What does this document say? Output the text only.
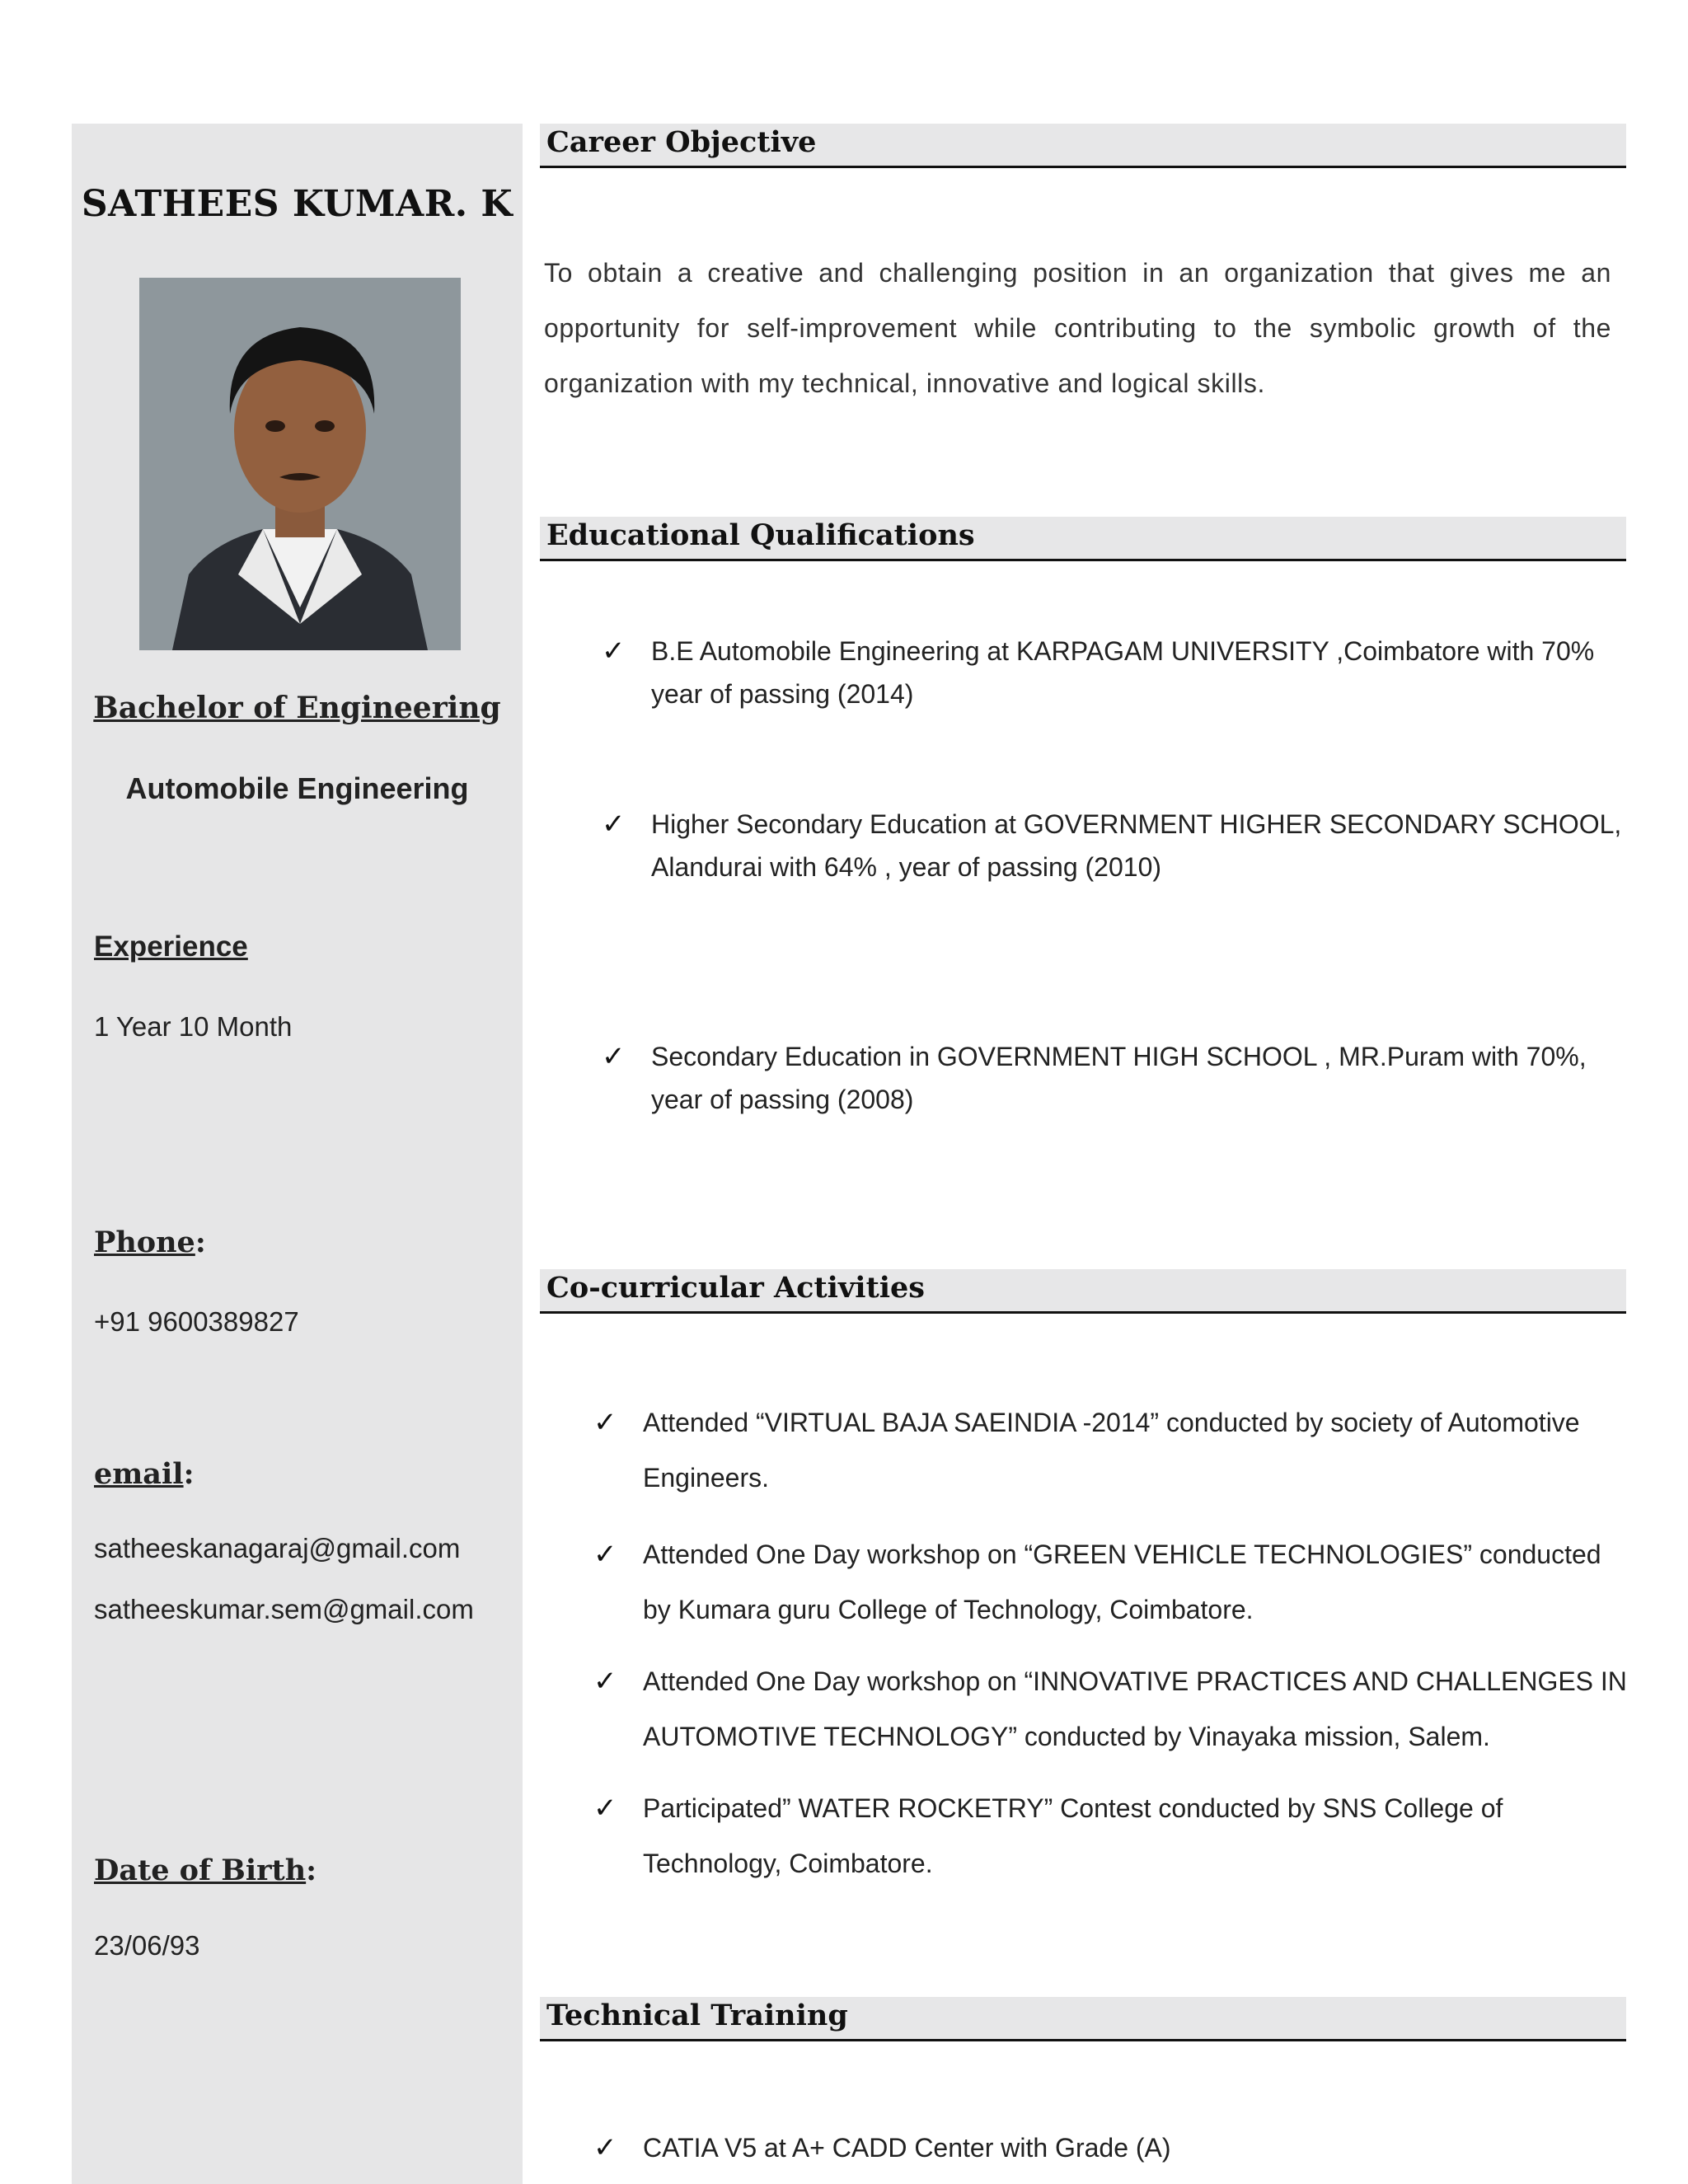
SATHEES KUMAR. K
Bachelor of Engineering
Automobile Engineering
Experience
1 Year 10 Month
Phone:
+91 9600389827
email:
satheeskanagaraj@gmail.com
satheeskumar.sem@gmail.com
Date of Birth:
23/06/93
Career Objective
To obtain a creative and challenging position in an organization that gives me an opportunity for self-improvement while contributing to the symbolic growth of the organization with my technical, innovative and logical skills.
Educational Qualifications
✓ B.E Automobile Engineering at KARPAGAM UNIVERSITY ,Coimbatore with 70%
year of passing (2014)
✓ Higher Secondary Education at GOVERNMENT HIGHER SECONDARY SCHOOL,
Alandurai with 64% , year of passing (2010)
✓ Secondary Education in GOVERNMENT HIGH SCHOOL , MR.Puram with 70%,
year of passing (2008)
Co-curricular Activities
✓ Attended “VIRTUAL BAJA SAEINDIA -2014” conducted by society of Automotive
Engineers.
✓ Attended One Day workshop on “GREEN VEHICLE TECHNOLOGIES” conducted
by Kumara guru College of Technology, Coimbatore.
✓ Attended One Day workshop on “INNOVATIVE PRACTICES AND CHALLENGES IN
AUTOMOTIVE TECHNOLOGY” conducted by Vinayaka mission, Salem.
✓ Participated” WATER ROCKETRY” Contest conducted by SNS College of
Technology, Coimbatore.
Technical Training
✓ CATIA V5 at A+ CADD Center with Grade (A)
